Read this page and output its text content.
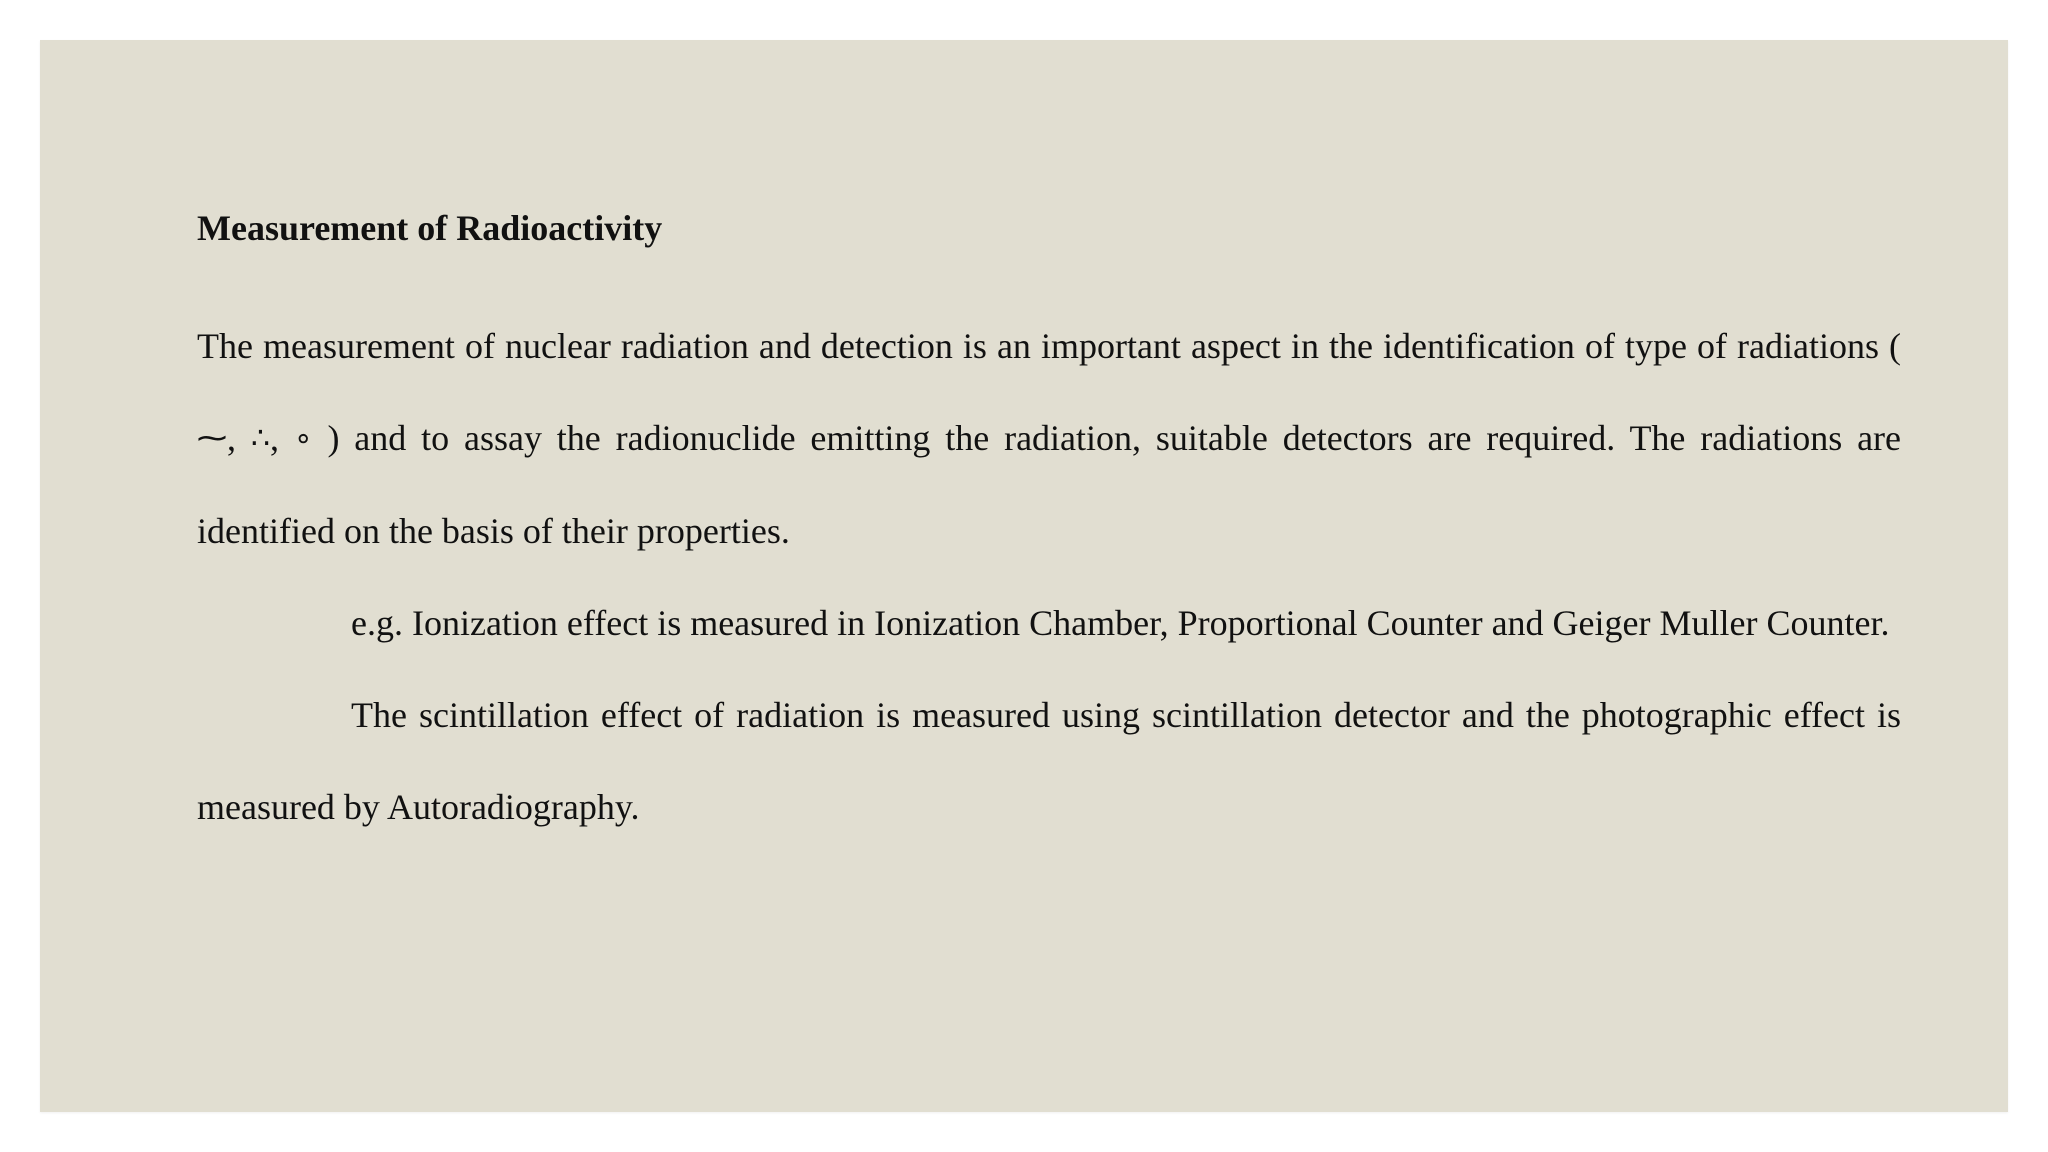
Measurement of Radioactivity

The measurement of nuclear radiation and detection is an important aspect in the identification of type of radiations (⁓, ∴, ∘ ) and to assay the radionuclide emitting the radiation, suitable detectors are required. The radiations are identified on the basis of their properties.

e.g. Ionization effect is measured in Ionization Chamber, Proportional Counter and Geiger Muller Counter.

The scintillation effect of radiation is measured using scintillation detector and the photographic effect is measured by Autoradiography.
